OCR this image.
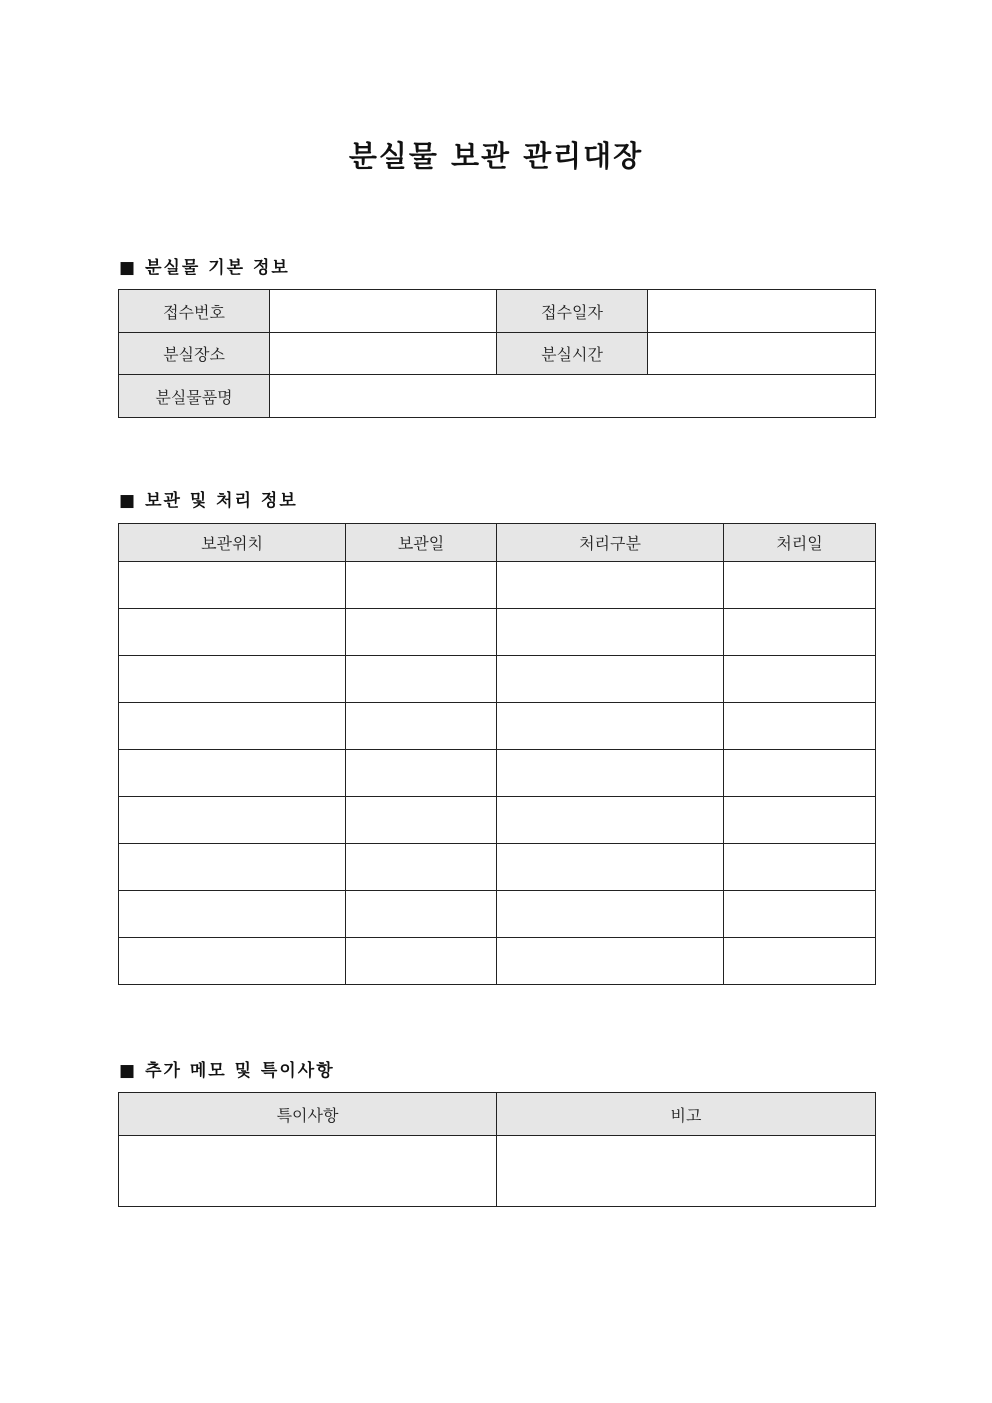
분실물 보관 관리대장
■ 분실물 기본 정보
접수번호		접수일자	
분실장소		분실시간	
분실물품명			
■ 보관 및 처리 정보
보관위치	보관일	처리구분	처리일

■ 추가 메모 및 특이사항
특이사항	비고
